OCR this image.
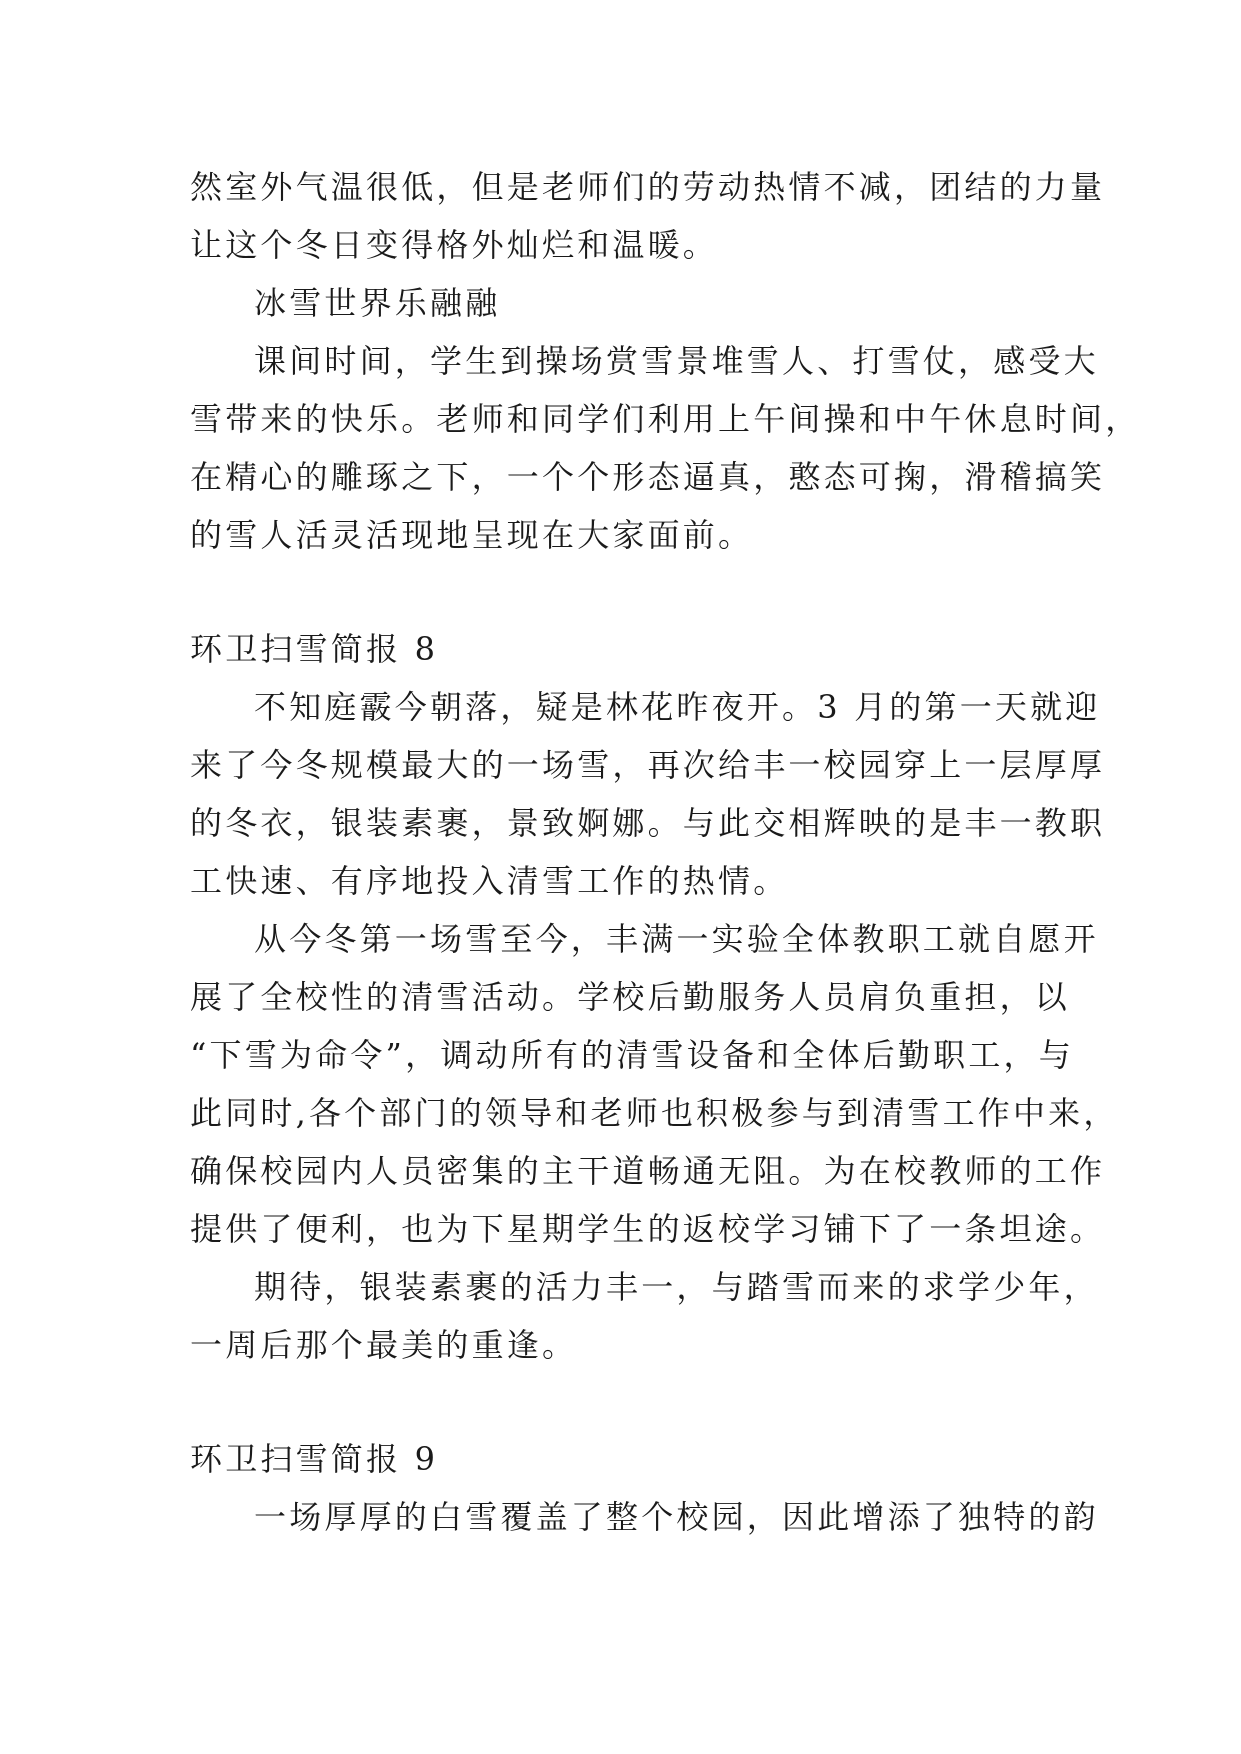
然室外气温很低，但是老师们的劳动热情不减，团结的力量
让这个冬日变得格外灿烂和温暖。
冰雪世界乐融融
课间时间，学生到操场赏雪景堆雪人、打雪仗，感受大
雪带来的快乐。老师和同学们利用上午间操和中午休息时间，
在精心的雕琢之下，一个个形态逼真，憨态可掬，滑稽搞笑
的雪人活灵活现地呈现在大家面前。
环卫扫雪简报 8
不知庭霰今朝落，疑是林花昨夜开。3 月的第一天就迎
来了今冬规模最大的一场雪，再次给丰一校园穿上一层厚厚
的冬衣，银装素裹，景致婀娜。与此交相辉映的是丰一教职
工快速、有序地投入清雪工作的热情。
从今冬第一场雪至今，丰满一实验全体教职工就自愿开
展了全校性的清雪活动。学校后勤服务人员肩负重担，以
“下雪为命令”，调动所有的清雪设备和全体后勤职工，与
此同时,各个部门的领导和老师也积极参与到清雪工作中来，
确保校园内人员密集的主干道畅通无阻。为在校教师的工作
提供了便利，也为下星期学生的返校学习铺下了一条坦途。
期待，银装素裹的活力丰一，与踏雪而来的求学少年，
一周后那个最美的重逢。
环卫扫雪简报 9
一场厚厚的白雪覆盖了整个校园，因此增添了独特的韵
